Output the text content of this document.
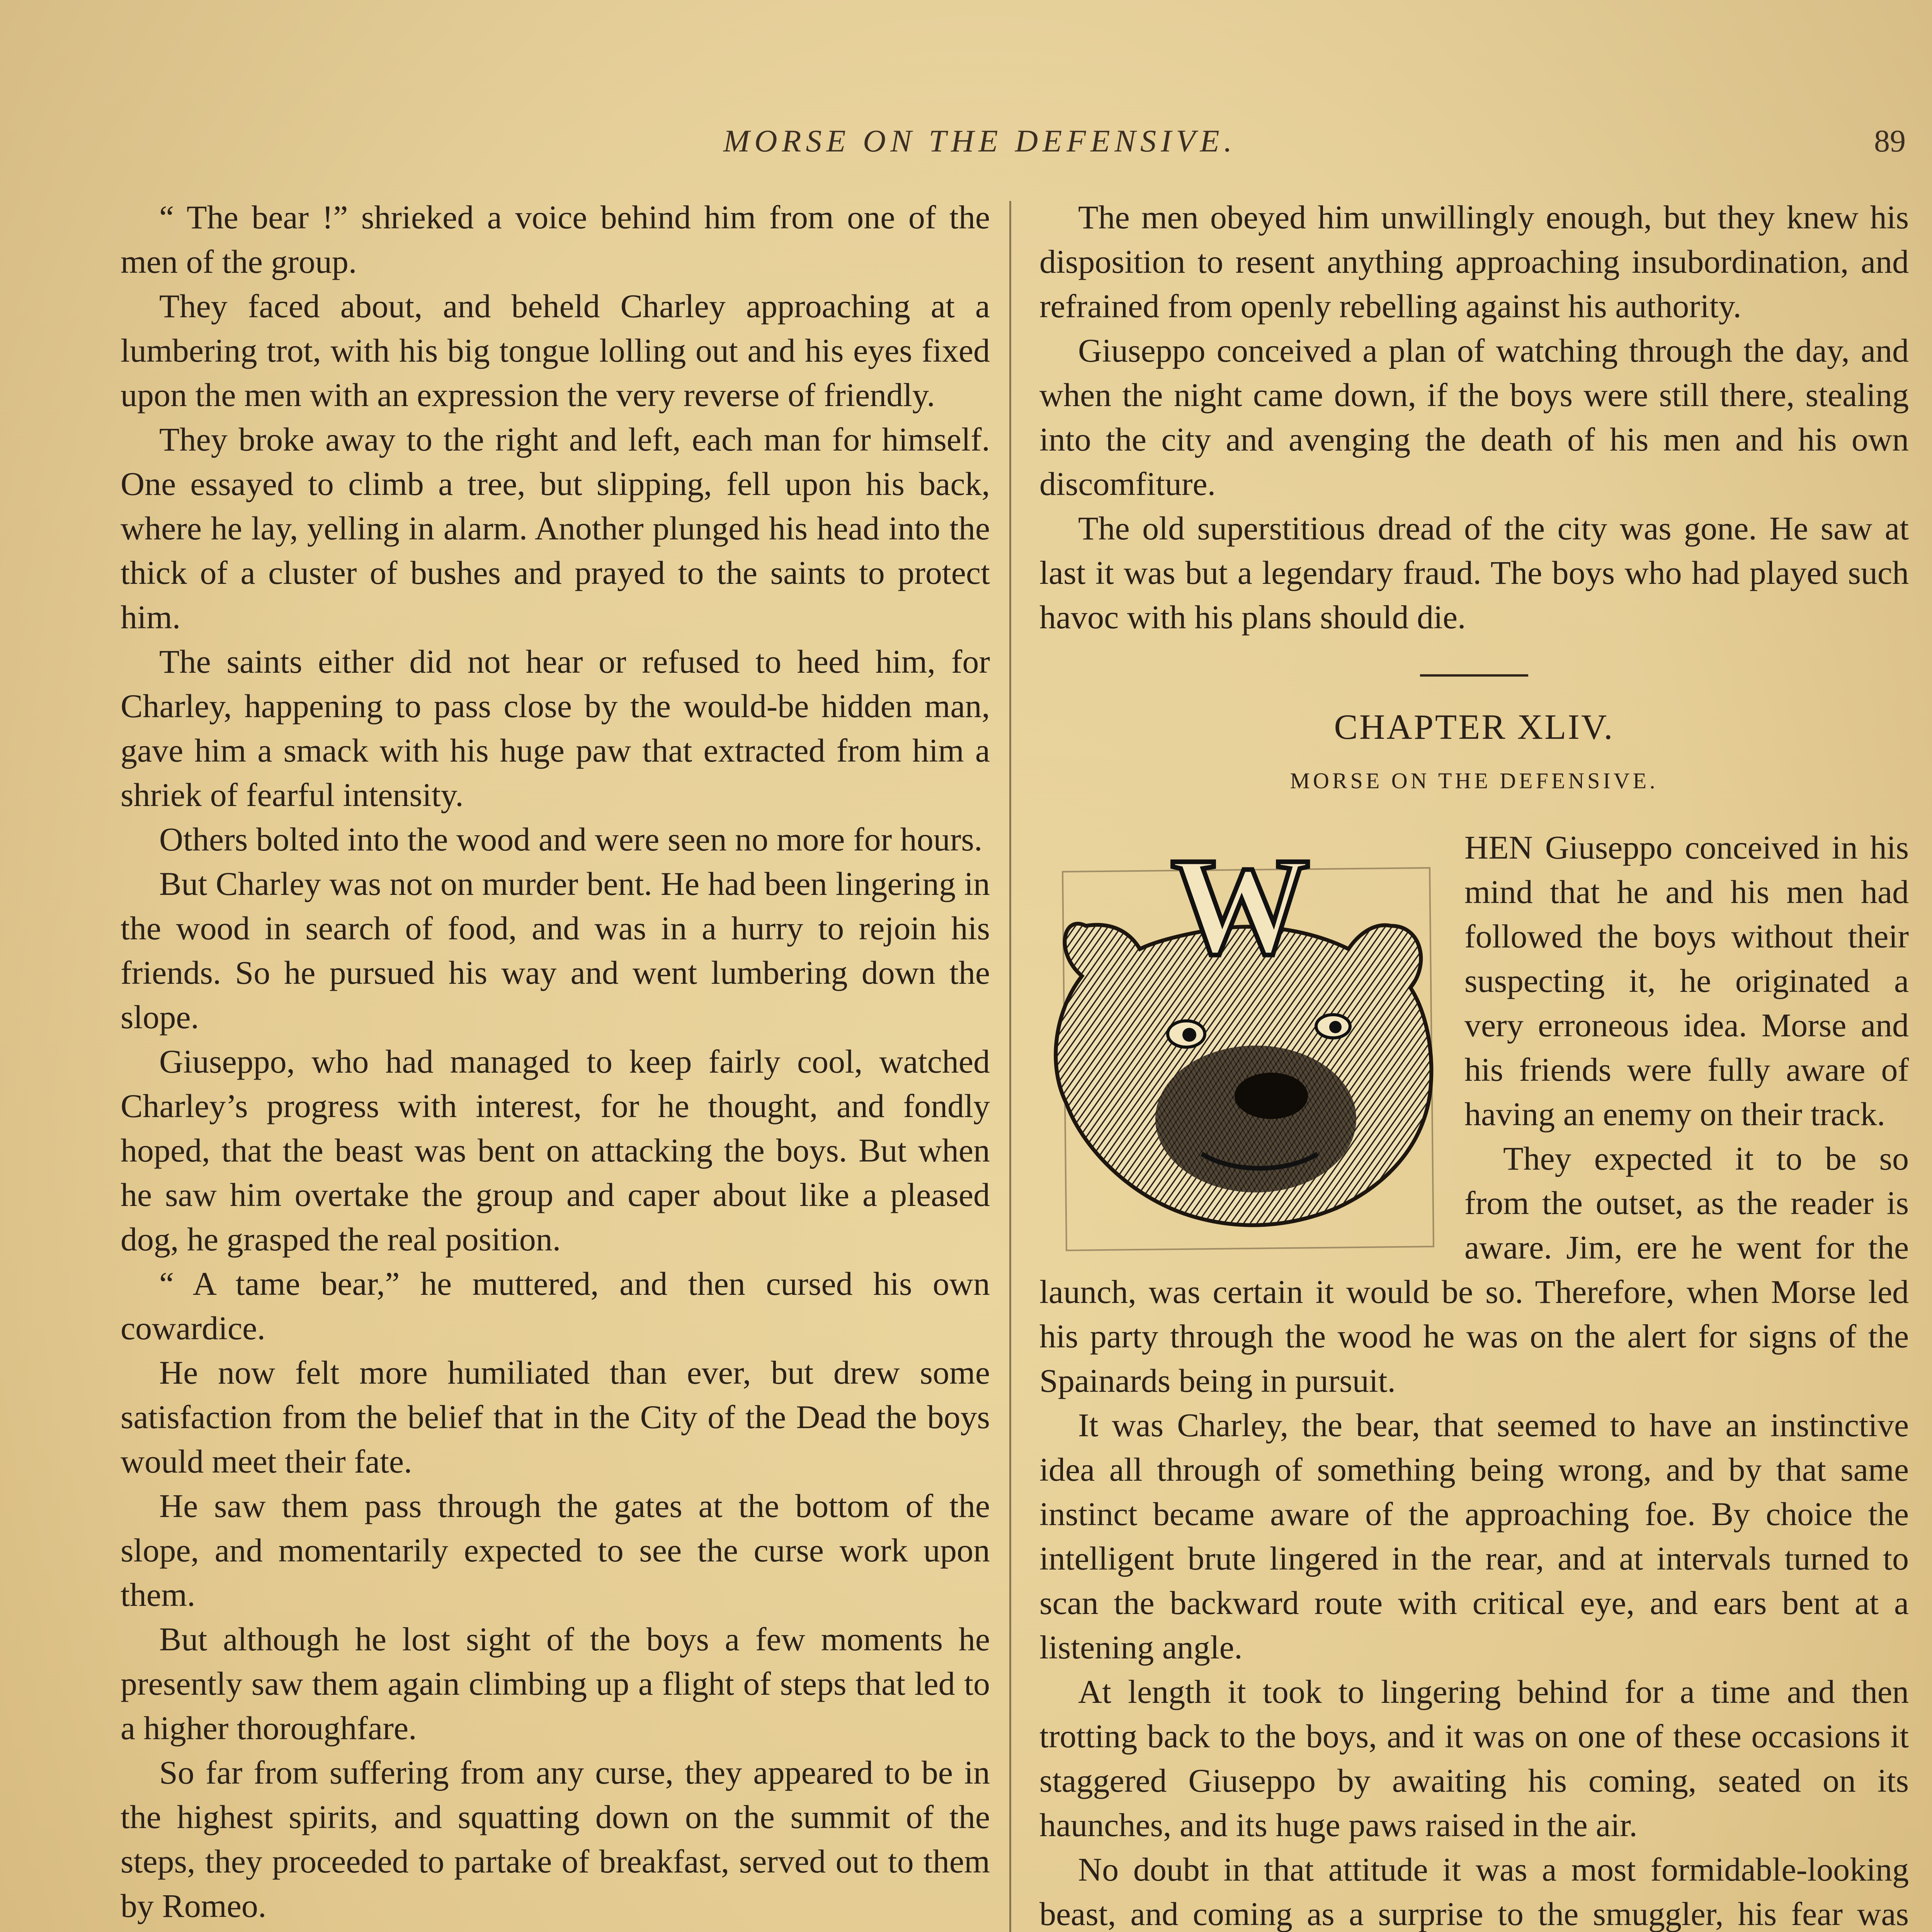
MORSE ON THE DEFENSIVE.	89

“ The bear !” shrieked a voice behind him from one of the men of the group.

They faced about, and beheld Charley approaching at a lumbering trot, with his big tongue lolling out and his eyes fixed upon the men with an expression the very reverse of friendly.

They broke away to the right and left, each man for himself. One essayed to climb a tree, but slipping, fell upon his back, where he lay, yelling in alarm. Another plunged his head into the thick of a cluster of bushes and prayed to the saints to protect him.

The saints either did not hear or refused to heed him, for Charley, happening to pass close by the would-be hidden man, gave him a smack with his huge paw that extracted from him a shriek of fearful intensity.

Others bolted into the wood and were seen no more for hours.

But Charley was not on murder bent. He had been lingering in the wood in search of food, and was in a hurry to rejoin his friends. So he pursued his way and went lumbering down the slope.

Giuseppo, who had managed to keep fairly cool, watched Charley’s progress with interest, for he thought, and fondly hoped, that the beast was bent on attacking the boys. But when he saw him overtake the group and caper about like a pleased dog, he grasped the real position.

“ A tame bear,” he muttered, and then cursed his own cowardice.

He now felt more humiliated than ever, but drew some satisfaction from the belief that in the City of the Dead the boys would meet their fate.

He saw them pass through the gates at the bottom of the slope, and momentarily expected to see the curse work upon them.

But although he lost sight of the boys a few moments he presently saw them again climbing up a flight of steps that led to a higher thoroughfare.

So far from suffering from any curse, they appeared to be in the highest spirits, and squatting down on the summit of the steps, they proceeded to partake of breakfast, served out to them by Romeo.

The men obeyed him unwillingly enough, but they knew his disposition to resent anything approaching insubordination, and refrained from openly rebelling against his authority.

Giuseppo conceived a plan of watching through the day, and when the night came down, if the boys were still there, stealing into the city and avenging the death of his men and his own discomfiture.

The old superstitious dread of the city was gone. He saw at last it was but a legendary fraud. The boys who had played such havoc with his plans should die.

CHAPTER XLIV.
MORSE ON THE DEFENSIVE.
W	HEN Giuseppo conceived in his mind that he and his men had followed the boys without their suspecting it, he originated a very erroneous idea. Morse and his friends were fully aware of having an enemy on their track.

They expected it to be so from the outset, as the reader is aware. Jim, ere he went for the launch, was certain it would be so. Therefore, when Morse led his party through the wood he was on the alert for signs of the Spainards being in pursuit.

It was Charley, the bear, that seemed to have an instinctive idea all through of something being wrong, and by that same instinct became aware of the approaching foe. By choice the intelligent brute lingered in the rear, and at intervals turned to scan the backward route with critical eye, and ears bent at a listening angle.

At length it took to lingering behind for a time and then trotting back to the boys, and it was on one of these occasions it staggered Giuseppo by awaiting his coming, seated on its haunches, and its huge paws raised in the air.

No doubt in that attitude it was a most formidable-looking beast, and coming as a surprise to the smuggler, his fear was
